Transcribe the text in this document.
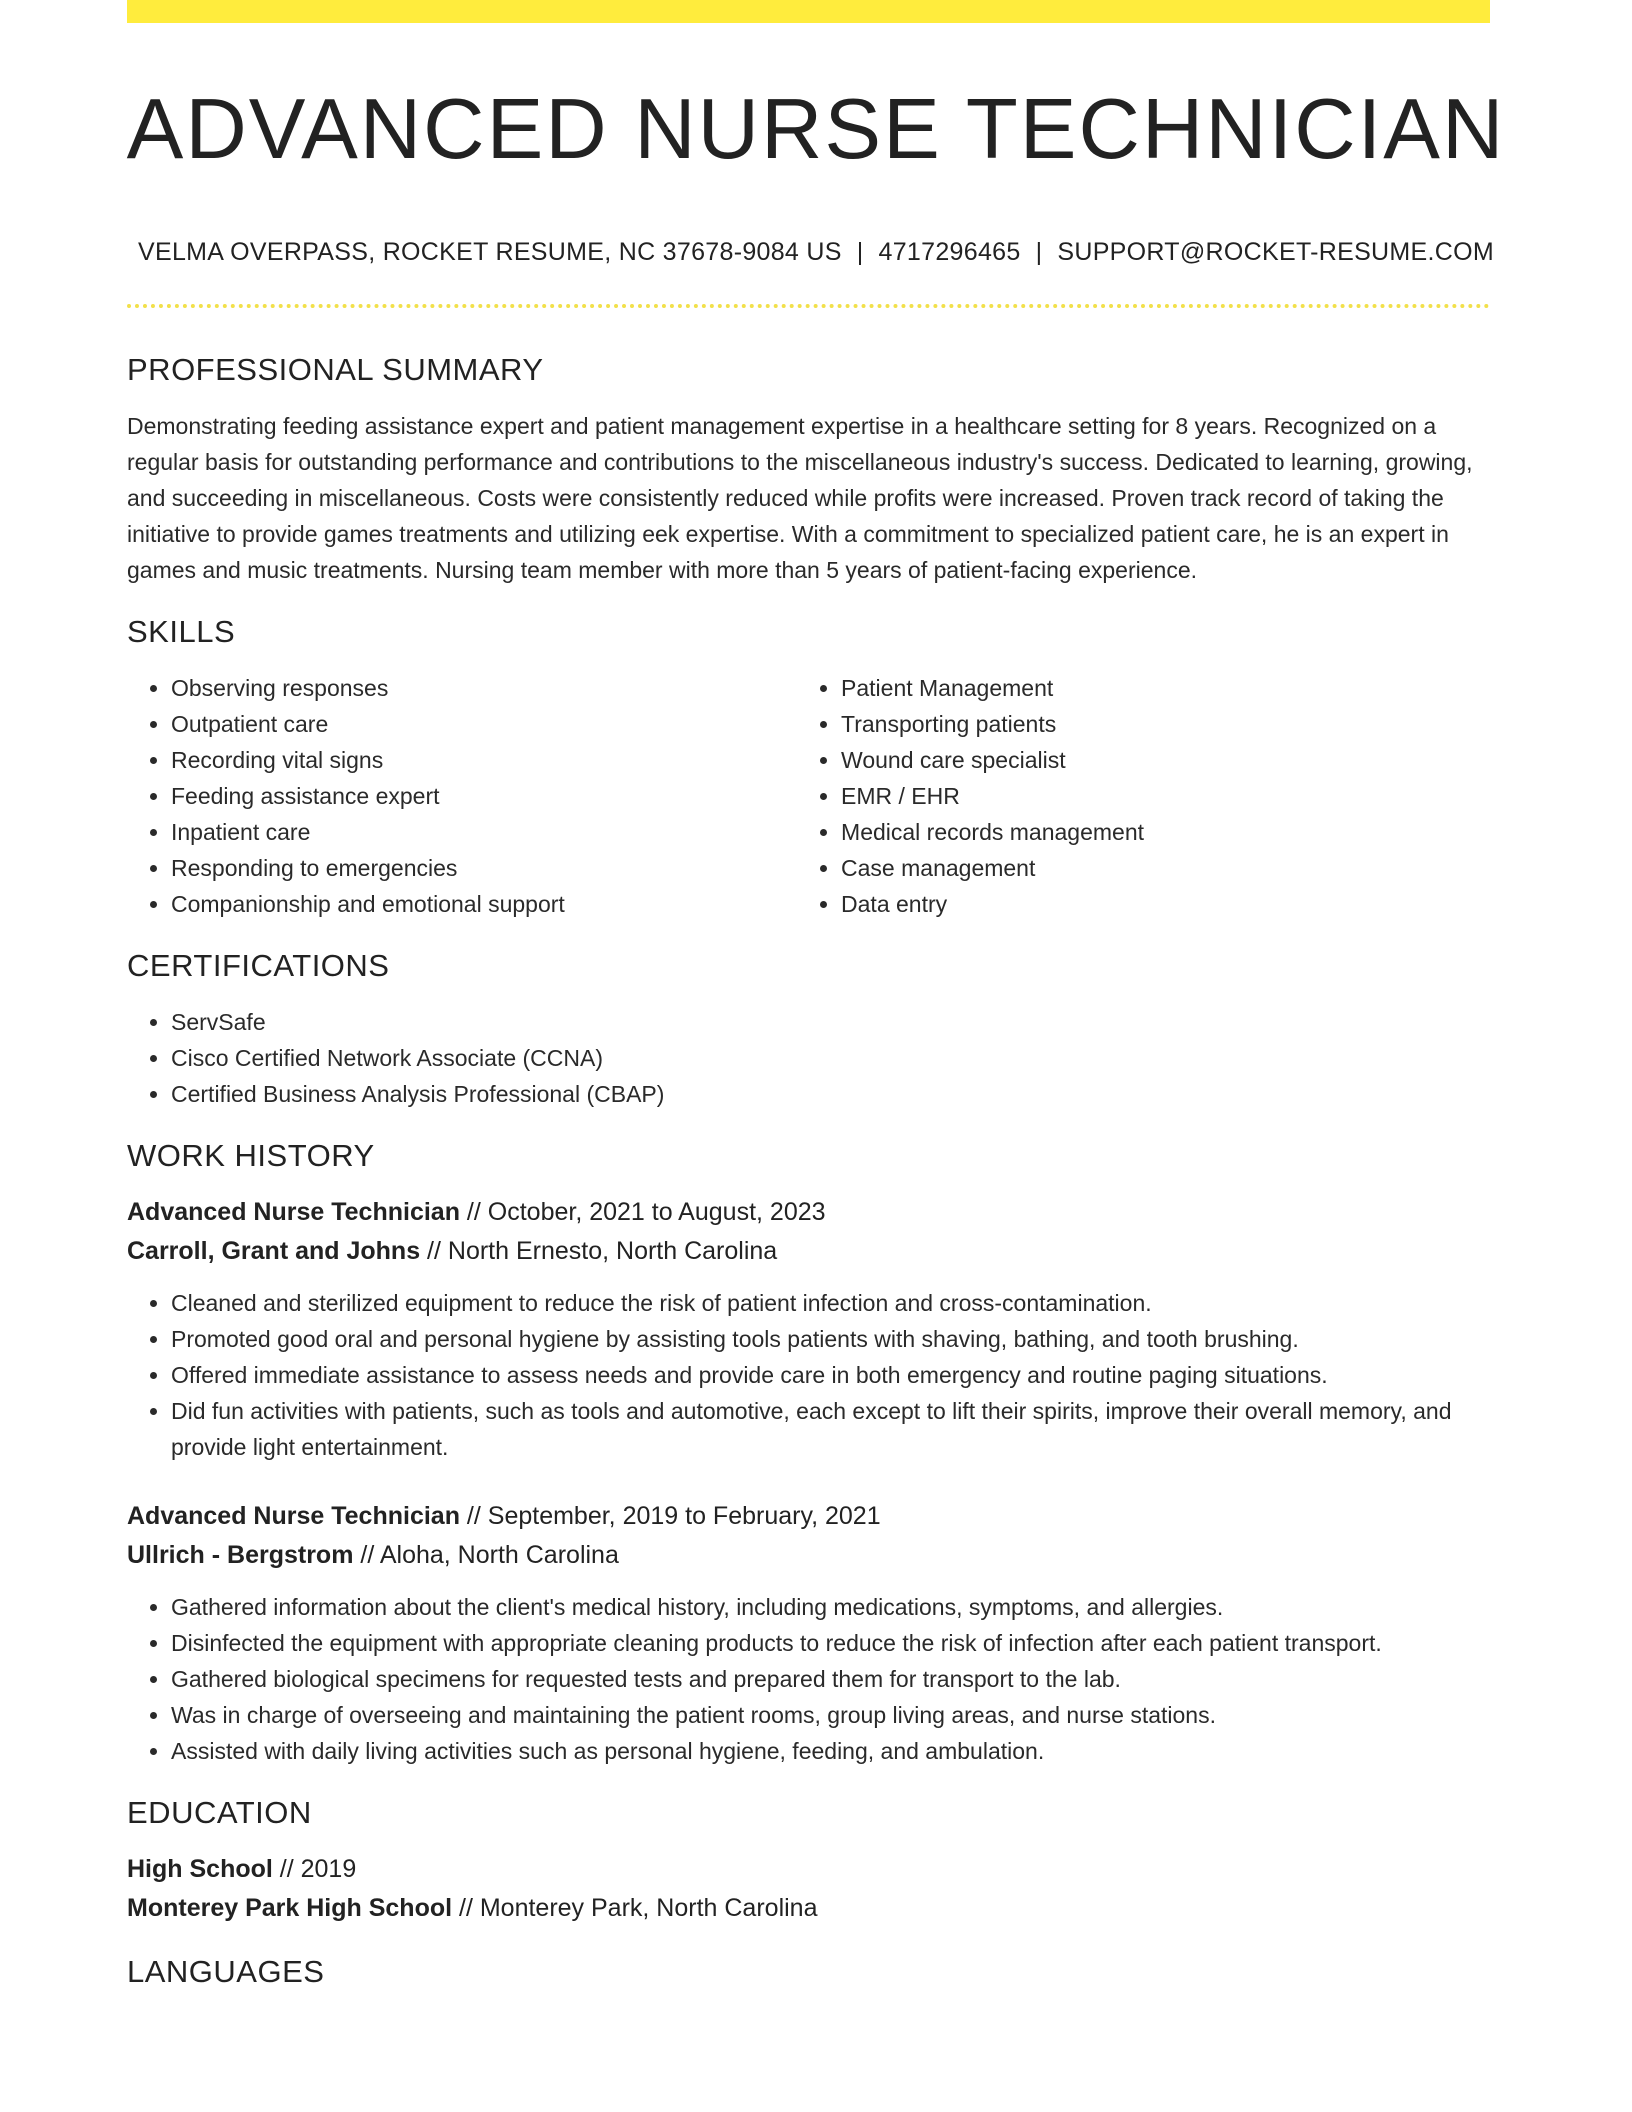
ADVANCED NURSE TECHNICIAN
VELMA OVERPASS, ROCKET RESUME, NC 37678-9084 US | 4717296465 | SUPPORT@ROCKET-RESUME.COM
PROFESSIONAL SUMMARY

Demonstrating feeding assistance expert and patient management expertise in a healthcare setting for 8 years. Recognized on a regular basis for outstanding performance and contributions to the miscellaneous industry's success. Dedicated to learning, growing, and succeeding in miscellaneous. Costs were consistently reduced while profits were increased. Proven track record of taking the initiative to provide games treatments and utilizing eek expertise. With a commitment to specialized patient care, he is an expert in games and music treatments. Nursing team member with more than 5 years of patient-facing experience.

SKILLS
• Observing responses
• Outpatient care
• Recording vital signs
• Feeding assistance expert
• Inpatient care
• Responding to emergencies
• Companionship and emotional support
• Patient Management
• Transporting patients
• Wound care specialist
• EMR / EHR
• Medical records management
• Case management
• Data entry
CERTIFICATIONS
• ServSafe
• Cisco Certified Network Associate (CCNA)
• Certified Business Analysis Professional (CBAP)
WORK HISTORY
Advanced Nurse Technician // October, 2021 to August, 2023
Carroll, Grant and Johns // North Ernesto, North Carolina
• Cleaned and sterilized equipment to reduce the risk of patient infection and cross-contamination.
• Promoted good oral and personal hygiene by assisting tools patients with shaving, bathing, and tooth brushing.
• Offered immediate assistance to assess needs and provide care in both emergency and routine paging situations.
• Did fun activities with patients, such as tools and automotive, each except to lift their spirits, improve their overall memory, and provide light entertainment.
Advanced Nurse Technician // September, 2019 to February, 2021
Ullrich - Bergstrom // Aloha, North Carolina
• Gathered information about the client's medical history, including medications, symptoms, and allergies.
• Disinfected the equipment with appropriate cleaning products to reduce the risk of infection after each patient transport.
• Gathered biological specimens for requested tests and prepared them for transport to the lab.
• Was in charge of overseeing and maintaining the patient rooms, group living areas, and nurse stations.
• Assisted with daily living activities such as personal hygiene, feeding, and ambulation.
EDUCATION
High School // 2019
Monterey Park High School // Monterey Park, North Carolina
LANGUAGES
